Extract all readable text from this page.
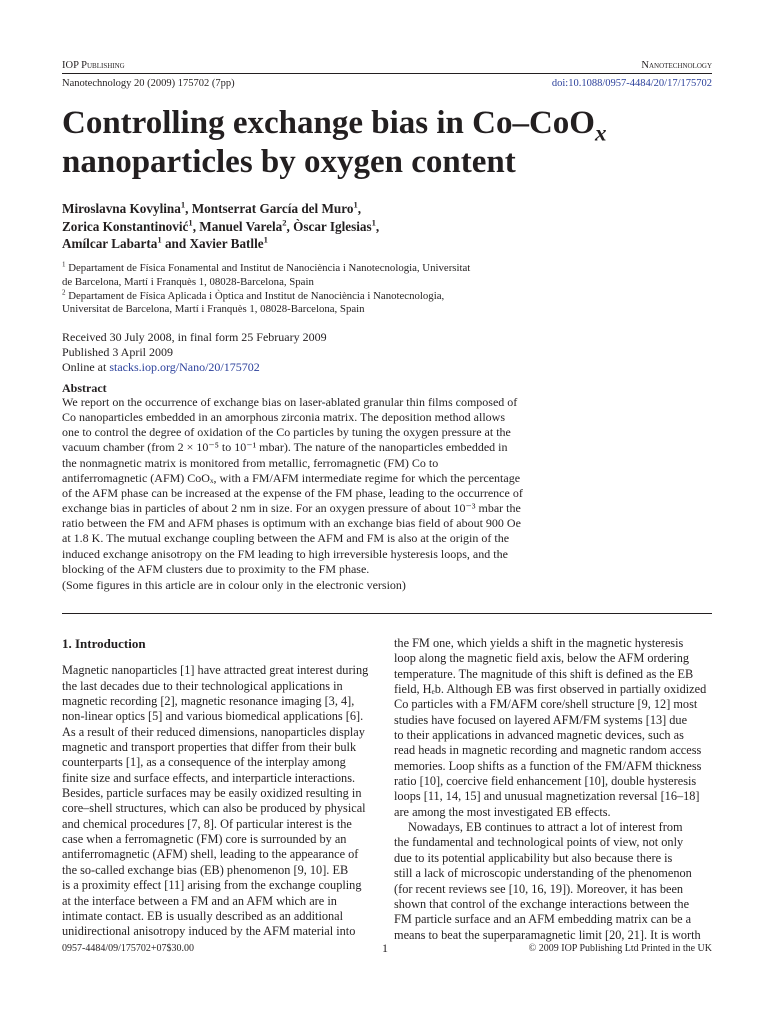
IOP Publishing	Nanotechnology
Nanotechnology 20 (2009) 175702 (7pp)	doi:10.1088/0957-4484/20/17/175702
Controlling exchange bias in Co–CoO$_x$
nanoparticles by oxygen content
Miroslavna Kovylina$^1$, Montserrat García del Muro$^1$,
Zorica Konstantinović$^1$, Manuel Varela$^2$, Òscar Iglesias$^1$,
Amílcar Labarta$^1$ and Xavier Batlle$^1$
$^1$ Departament de Física Fonamental and Institut de Nanociència i Nanotecnologia, Universitat
de Barcelona, Martí i Franquès 1, 08028-Barcelona, Spain
$^2$ Departament de Física Aplicada i Òptica and Institut de Nanociència i Nanotecnologia,
Universitat de Barcelona, Martí i Franquès 1, 08028-Barcelona, Spain
Received 30 July 2008, in final form 25 February 2009
Published 3 April 2009
Online at stacks.iop.org/Nano/20/175702
Abstract
We report on the occurrence of exchange bias on laser-ablated granular thin films composed of
Co nanoparticles embedded in an amorphous zirconia matrix. The deposition method allows
one to control the degree of oxidation of the Co particles by tuning the oxygen pressure at the
vacuum chamber (from 2 × 10⁻⁵ to 10⁻¹ mbar). The nature of the nanoparticles embedded in
the nonmagnetic matrix is monitored from metallic, ferromagnetic (FM) Co to
antiferromagnetic (AFM) CoOₓ, with a FM/AFM intermediate regime for which the percentage
of the AFM phase can be increased at the expense of the FM phase, leading to the occurrence of
exchange bias in particles of about 2 nm in size. For an oxygen pressure of about 10⁻³ mbar the
ratio between the FM and AFM phases is optimum with an exchange bias field of about 900 Oe
at 1.8 K. The mutual exchange coupling between the AFM and FM is also at the origin of the
induced exchange anisotropy on the FM leading to high irreversible hysteresis loops, and the
blocking of the AFM clusters due to proximity to the FM phase.
(Some figures in this article are in colour only in the electronic version)

1. Introduction

Magnetic nanoparticles [1] have attracted great interest during

the last decades due to their technological applications in

magnetic recording [2], magnetic resonance imaging [3, 4],

non-linear optics [5] and various biomedical applications [6].

As a result of their reduced dimensions, nanoparticles display

magnetic and transport properties that differ from their bulk

counterparts [1], as a consequence of the interplay among

finite size and surface effects, and interparticle interactions.

Besides, particle surfaces may be easily oxidized resulting in

core–shell structures, which can also be produced by physical

and chemical procedures [7, 8]. Of particular interest is the

case when a ferromagnetic (FM) core is surrounded by an

antiferromagnetic (AFM) shell, leading to the appearance of

the so-called exchange bias (EB) phenomenon [9, 10]. EB

is a proximity effect [11] arising from the exchange coupling

at the interface between a FM and an AFM which are in

intimate contact. EB is usually described as an additional

unidirectional anisotropy induced by the AFM material into

the FM one, which yields a shift in the magnetic hysteresis

loop along the magnetic field axis, below the AFM ordering

temperature. The magnitude of this shift is defined as the EB

field, Hₑb. Although EB was first observed in partially oxidized

Co particles with a FM/AFM core/shell structure [9, 12] most

studies have focused on layered AFM/FM systems [13] due

to their applications in advanced magnetic devices, such as

read heads in magnetic recording and magnetic random access

memories. Loop shifts as a function of the FM/AFM thickness

ratio [10], coercive field enhancement [10], double hysteresis

loops [11, 14, 15] and unusual magnetization reversal [16–18]

are among the most investigated EB effects.

Nowadays, EB continues to attract a lot of interest from

the fundamental and technological points of view, not only

due to its potential applicability but also because there is

still a lack of microscopic understanding of the phenomenon

(for recent reviews see [10, 16, 19]). Moreover, it has been

shown that control of the exchange interactions between the

FM particle surface and an AFM embedding matrix can be a

means to beat the superparamagnetic limit [20, 21]. It is worth

0957-4484/09/175702+07$30.00	1	© 2009 IOP Publishing Ltd Printed in the UK
